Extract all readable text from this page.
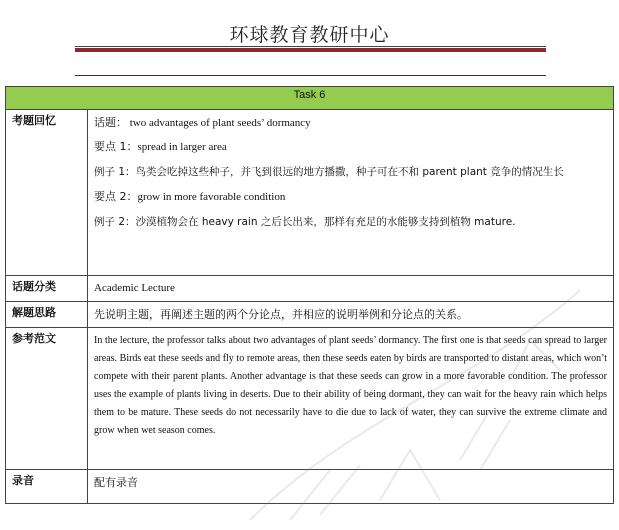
环球教育教研中心
Task 6	
考题回忆	话题： two advantages of plant seeds’ dormancy
要点 1：spread in larger area
例子 1：鸟类会吃掉这些种子，并飞到很远的地方播撒，种子可在不和 parent plant 竞争的情况生长
要点 2：grow in more favorable condition
例子 2：沙漠植物会在 heavy rain 之后长出来，那样有充足的水能够支持到植物 mature.

话题分类	Academic Lecture
解题思路	先说明主题，再阐述主题的两个分论点，并相应的说明举例和分论点的关系。
参考范文	In the lecture, the professor talks about two advantages of plant seeds’ dormancy. The first one is that seeds can spread to larger areas. Birds eat these seeds and fly to remote areas, then these seeds eaten by birds are transported to distant areas, which won’t compete with their parent plants. Another advantage is that these seeds can grow in a more favorable condition. The professor uses the example of plants living in deserts. Due to their ability of being dormant, they can wait for the heavy rain which helps them to be mature. These seeds do not necessarily have to die due to lack of water, they can survive the extreme climate and grow when wet season comes.

录音	配有录音
